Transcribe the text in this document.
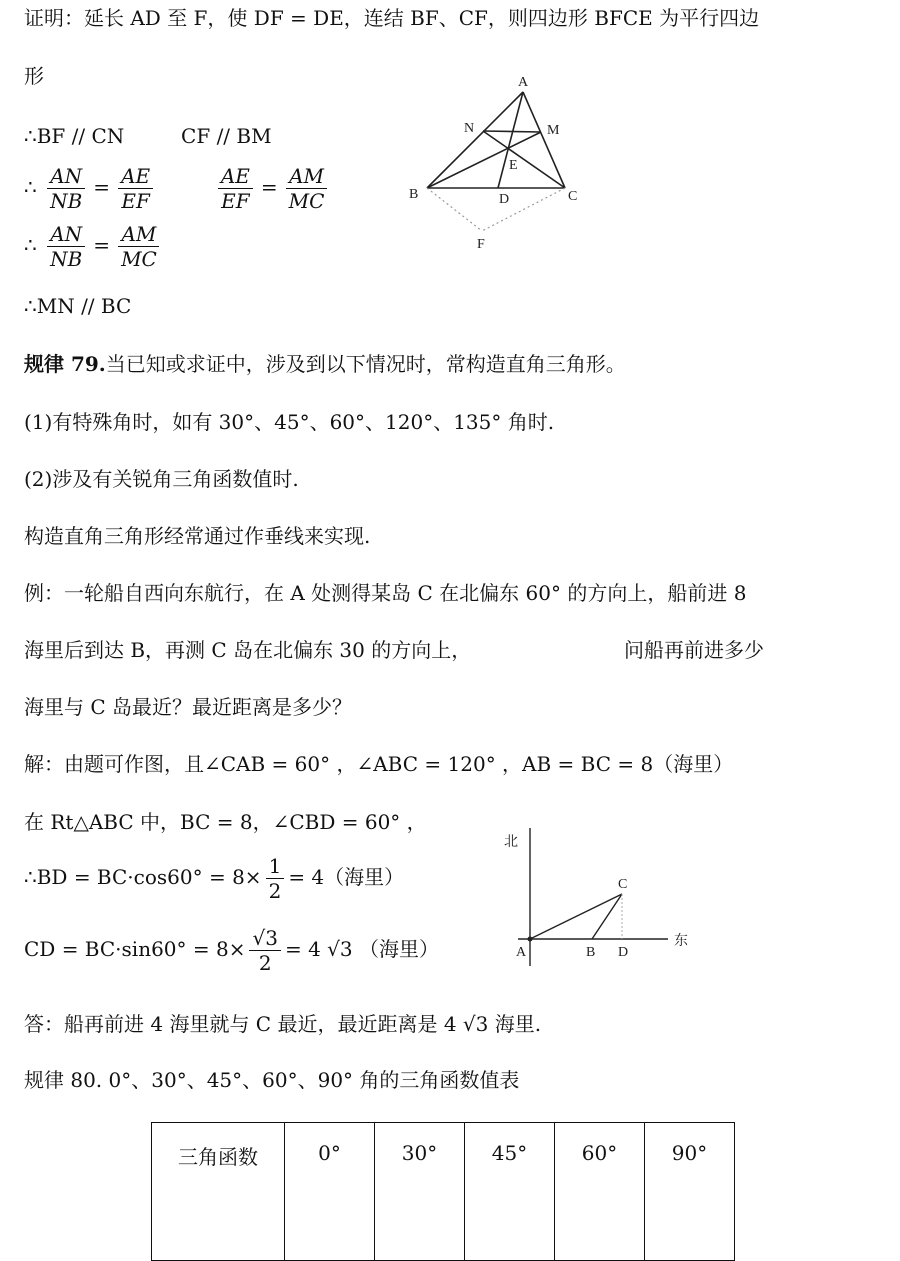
证明：延长 AD 至 F，使 DF = DE，连结 BF、CF，则四边形 BFCE 为平行四边
形
∴BF // CN	CF // BM
∴ $\frac{AN}{NB} = \frac{AE}{EF}$
	$\frac{AE}{EF} = \frac{AM}{MC}$
∴ $\frac{AN}{NB} = \frac{AM}{MC}$
∴MN // BC
A
N	M
E
B	D	C
F
规律 79.当已知或求证中，涉及到以下情况时，常构造直角三角形。
(1)有特殊角时，如有 30°、45°、60°、120°、135° 角时.
(2)涉及有关锐角三角函数值时.
构造直角三角形经常通过作垂线来实现.
例：一轮船自西向东航行，在 A 处测得某岛 C 在北偏东 60° 的方向上，船前进 8
海里后到达 B，再测 C 岛在北偏东 30 的方向上，	问船再前进多少
海里与 C 岛最近？最近距离是多少？
解：由题可作图，且∠CAB = 60° ，∠ABC = 120° ，AB = BC = 8（海里）
在 Rt△ABC 中，BC = 8，∠CBD = 60° ，
∴BD = $BC\cdot\cos 60^\circ = 8\times \frac{1}{2} = 4$（海里）
CD = $BC\cdot\sin 60^\circ = 8\times \frac{√3}{2} = 4$ √3 （海里）
答：船再前进 4 海里就与 C 最近，最近距离是 4 √3 海里.
北
东
C
A	B D
规律 80. 0°、30°、45°、60°、90° 角的三角函数值表
三角函数	0°	30°	45°	60°	90°
